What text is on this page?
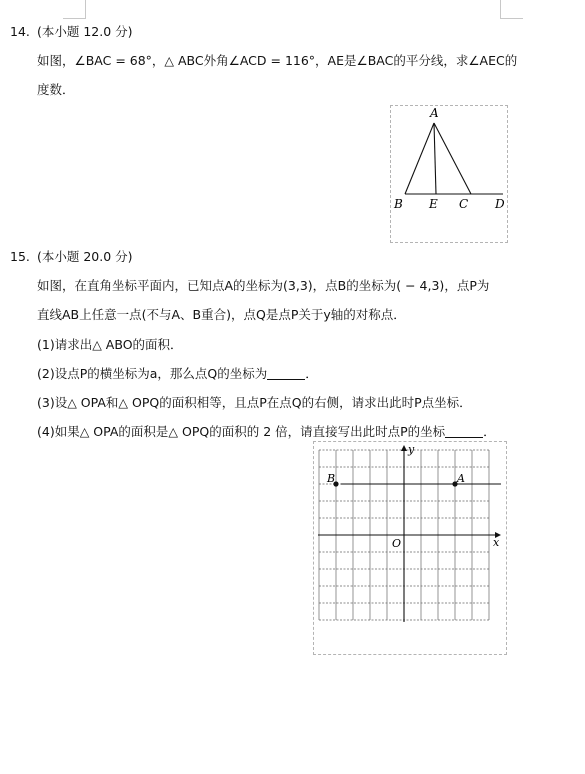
14. (本小题 12.0 分)
如图，∠BAC = 68°，△ ABC外角∠ACD = 116°，AE是∠BAC的平分线，求∠AEC的
度数．
A
B E C D
15. (本小题 20.0 分)
如图，在直角坐标平面内，已知点A的坐标为(3,3)，点B的坐标为( − 4,3)，点P为
直线AB上任意一点(不与A、B重合)，点Q是点P关于y轴的对称点．
(1)请求出△ ABO的面积．
(2)设点P的横坐标为a，那么点Q的坐标为	．
(3)设△ OPA和△ OPQ的面积相等，且点P在点Q的右侧，请求出此时P点坐标．
(4)如果△ OPA的面积是△ OPQ的面积的 2 倍，请直接写出此时点P的坐标	．
y
x
O
A
B
